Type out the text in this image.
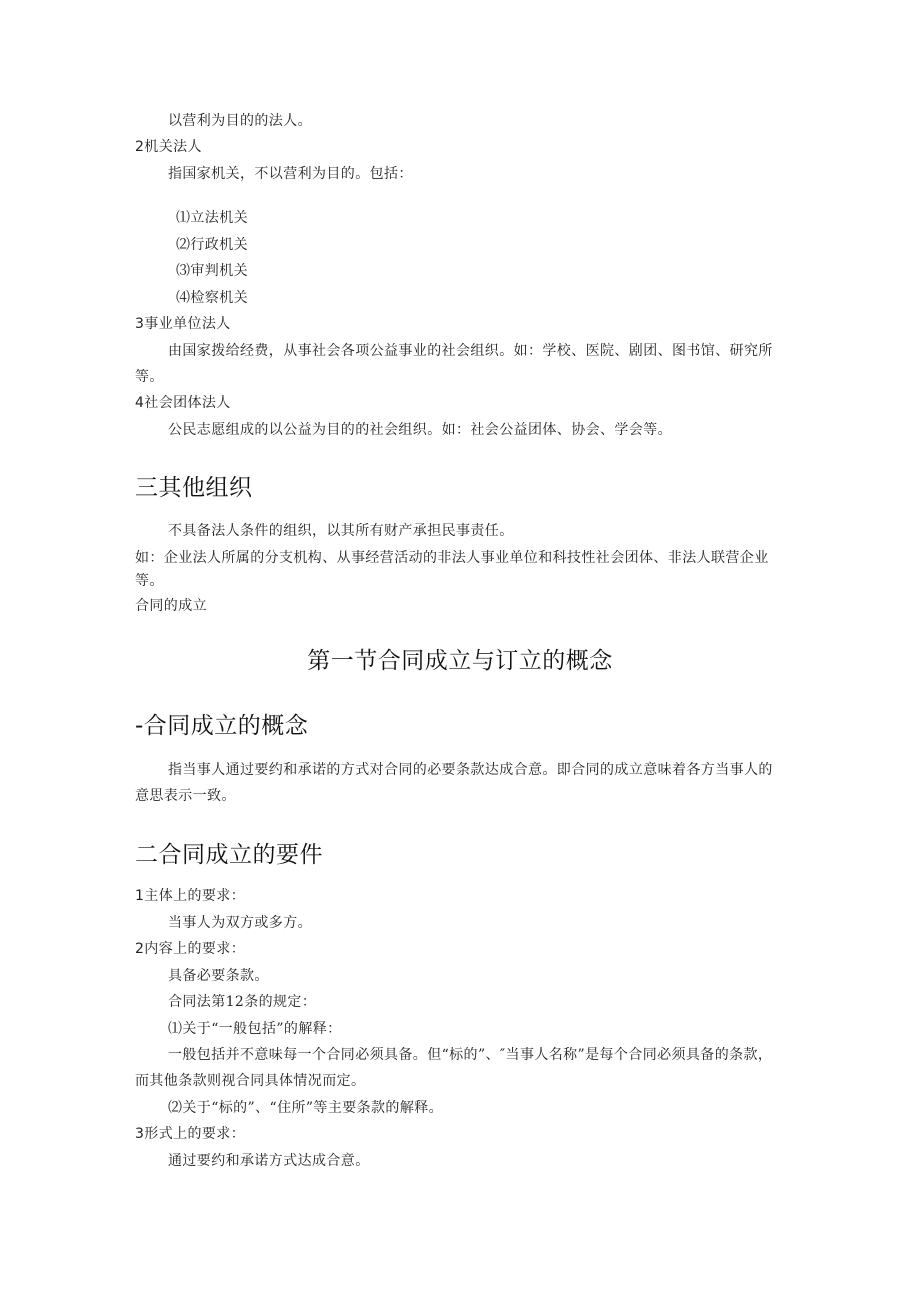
以营利为目的的法人。
2机关法人
指国家机关，不以营利为目的。包括：
⑴立法机关
⑵行政机关
⑶审判机关
⑷检察机关
3事业单位法人
由国家拨给经费，从事社会各项公益事业的社会组织。如：学校、医院、剧团、图书馆、研究所
等。
4社会团体法人
公民志愿组成的以公益为目的的社会组织。如：社会公益团体、协会、学会等。
三其他组织
不具备法人条件的组织，以其所有财产承担民事责任。
如：企业法人所属的分支机构、从事经营活动的非法人事业单位和科技性社会团体、非法人联营企业
等。
合同的成立
第一节合同成立与订立的概念
-合同成立的概念
指当事人通过要约和承诺的方式对合同的必要条款达成合意。即合同的成立意味着各方当事人的
意思表示一致。
二合同成立的要件
1主体上的要求：
当事人为双方或多方。
2内容上的要求：
具备必要条款。
合同法第12条的规定：
⑴关于“一般包括”的解释：
一般包括并不意味每一个合同必须具备。但“标的”、″当事人名称”是每个合同必须具备的条款，
而其他条款则视合同具体情况而定。
⑵关于“标的”、“住所”等主要条款的解释。
3形式上的要求：
通过要约和承诺方式达成合意。
